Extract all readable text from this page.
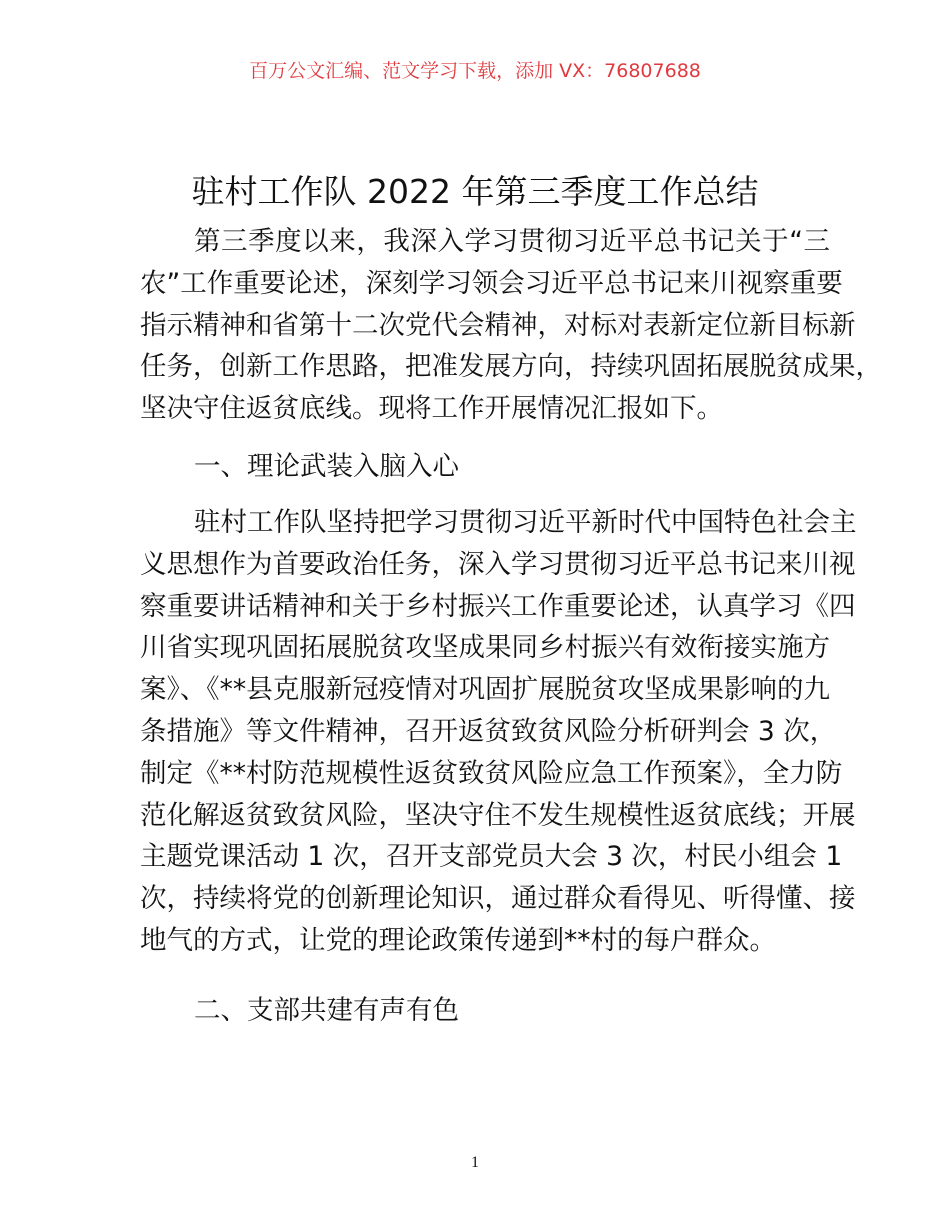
百万公文汇编、范文学习下载，添加 VX：76807688
驻村工作队 2022 年第三季度工作总结
第三季度以来，我深入学习贯彻习近平总书记关于“三
农”工作重要论述，深刻学习领会习近平总书记来川视察重要
指示精神和省第十二次党代会精神，对标对表新定位新目标新
任务，创新工作思路，把准发展方向，持续巩固拓展脱贫成果，
坚决守住返贫底线。现将工作开展情况汇报如下。
一、理论武装入脑入心
驻村工作队坚持把学习贯彻习近平新时代中国特色社会主
义思想作为首要政治任务，深入学习贯彻习近平总书记来川视
察重要讲话精神和关于乡村振兴工作重要论述，认真学习《四
川省实现巩固拓展脱贫攻坚成果同乡村振兴有效衔接实施方
案》、《**县克服新冠疫情对巩固扩展脱贫攻坚成果影响的九
条措施》等文件精神，召开返贫致贫风险分析研判会 3 次，
制定《**村防范规模性返贫致贫风险应急工作预案》，全力防
范化解返贫致贫风险，坚决守住不发生规模性返贫底线；开展
主题党课活动 1 次，召开支部党员大会 3 次，村民小组会 1
次，持续将党的创新理论知识，通过群众看得见、听得懂、接
地气的方式，让党的理论政策传递到**村的每户群众。
二、支部共建有声有色
1
